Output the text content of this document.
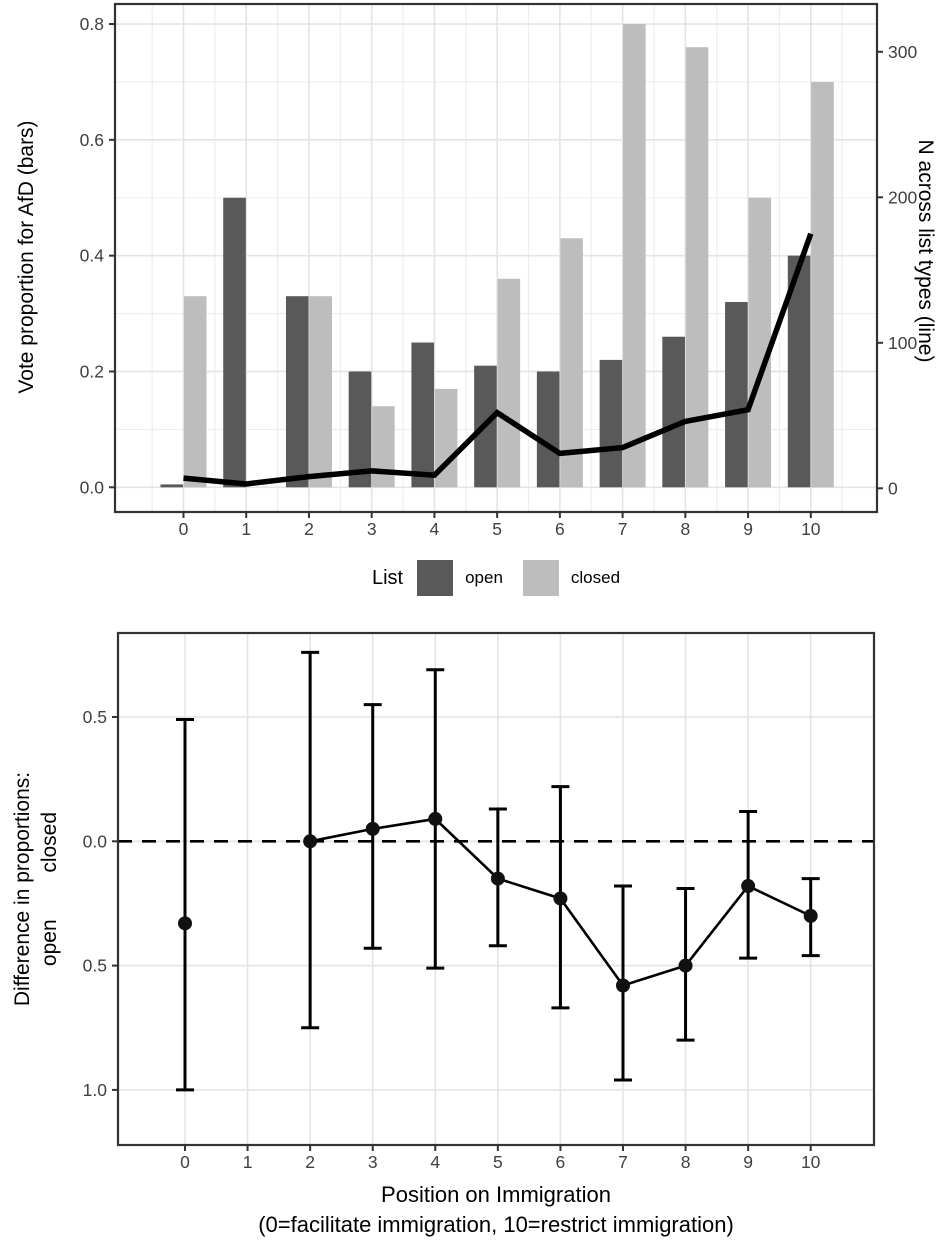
0.8
0.6
0.4
0.2
0.0
300
200
100
0
0	1	2	3	4	5	6	7	8	9	10
0.5
0.0
0.5
1.0
0	1	2	3	4	5	6	7	8	9	10
Vote proportion for AfD (bars)	N across list types (line)
List	open	closed
Difference in proportions: open        closed
Position on Immigration
(0=facilitate immigration, 10=restrict immigration)
